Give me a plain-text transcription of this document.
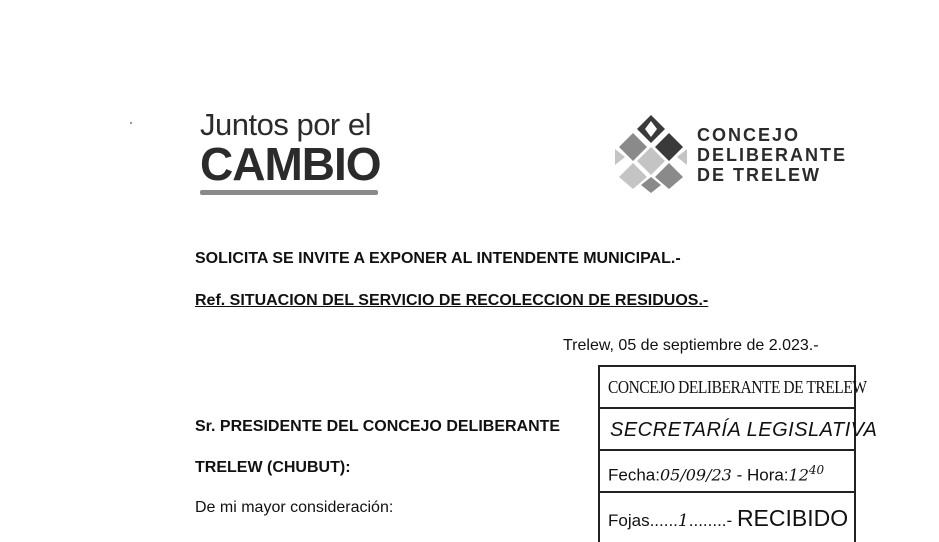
Juntos por el
CAMBIO
CONCEJO
DELIBERANTE
DE TRELEW
SOLICITA SE INVITE A EXPONER AL INTENDENTE MUNICIPAL.-
Ref. SITUACION DEL SERVICIO DE RECOLECCION DE RESIDUOS.-
Trelew, 05 de septiembre de 2.023.-
Sr. PRESIDENTE DEL CONCEJO DELIBERANTE
TRELEW (CHUBUT):
De mi mayor consideración:
CONCEJO DELIBERANTE DE TRELEW
SECRETARÍA LEGISLATIVA
Fecha:05/09/23 - $Hora:12^{40}$
Fojas......1........- RECIBIDO
